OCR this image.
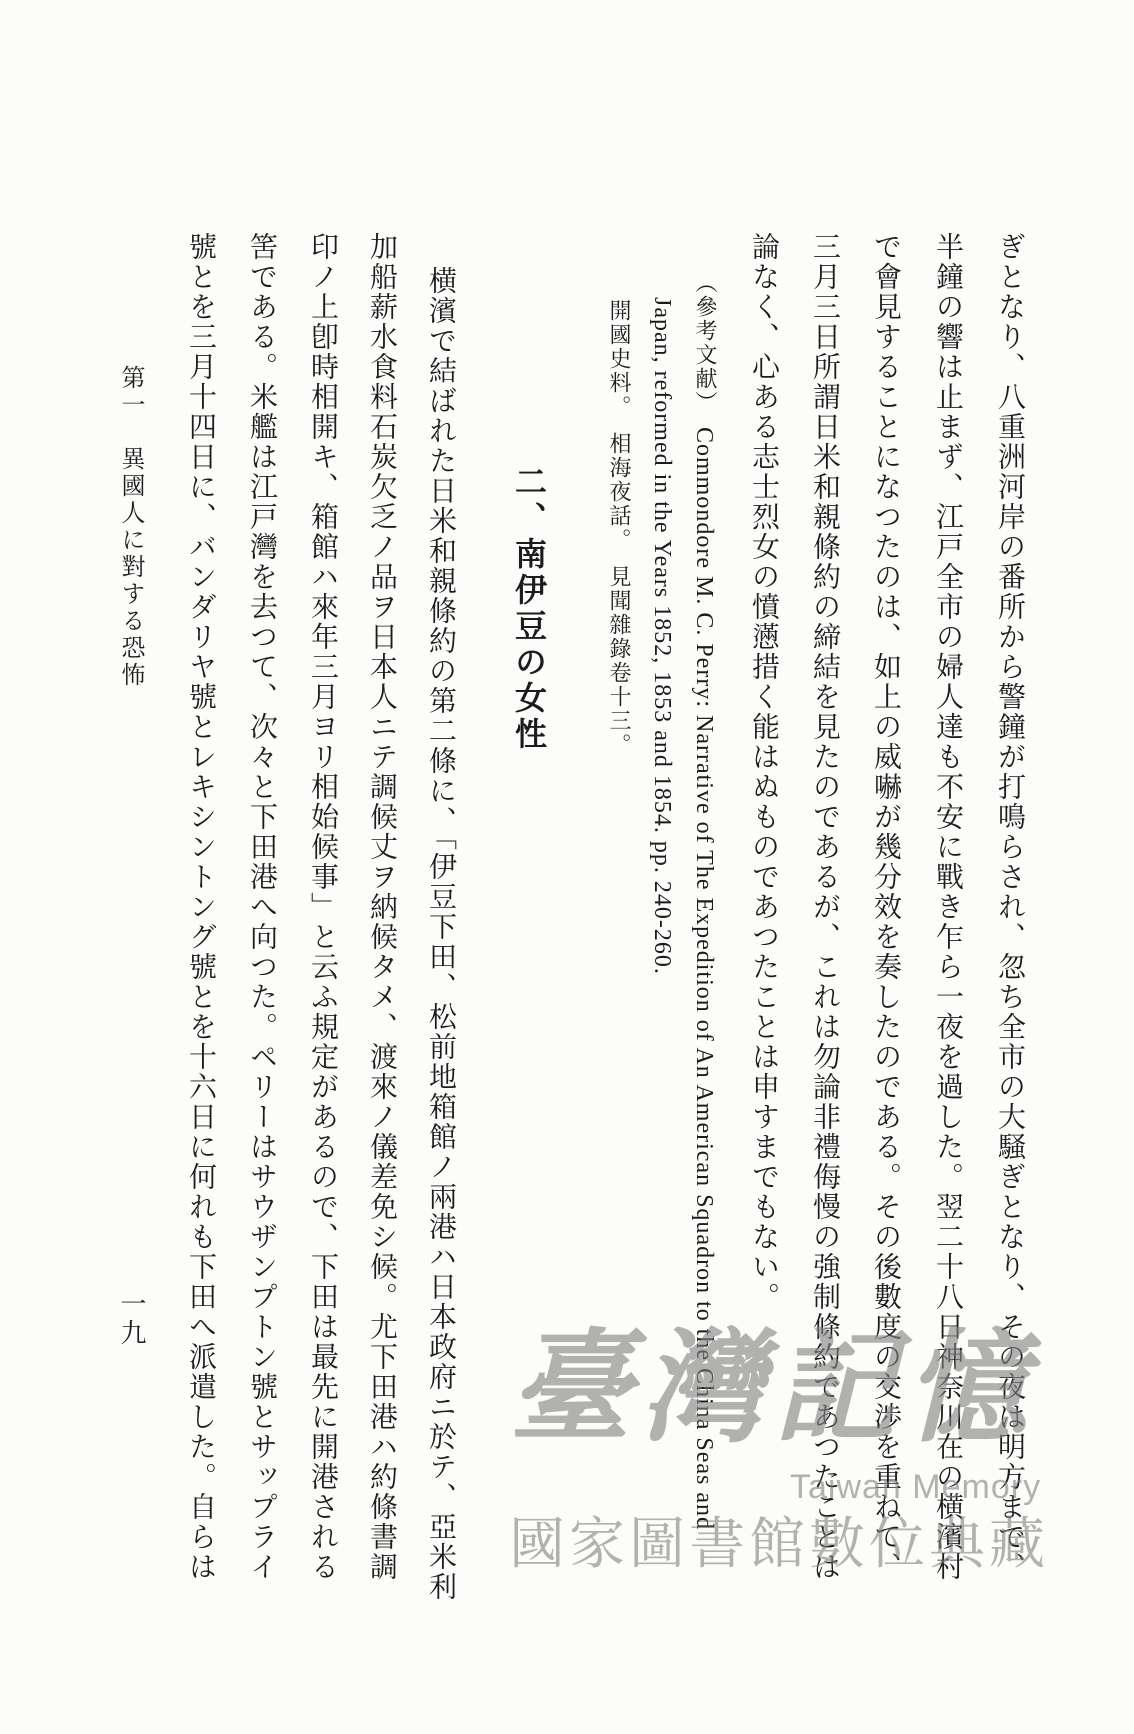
ぎとなり、八重洲河岸の番所から警鐘が打鳴らされ、忽ち全市の大騒ぎとなり、その夜は明方まで、

半鐘の響は止まず、江戸全市の婦人達も不安に戰き乍ら一夜を過した。翌二十八日神奈川在の横濱村

で會見することになつたのは、如上の威嚇が幾分效を奏したのである。その後數度の交渉を重ねて、

三月三日所謂日米和親條約の締結を見たのであるが、これは勿論非禮侮慢の強制條約であつたことは

論なく、心ある志士烈女の憤懣措く能はぬものであつたことは申すまでもない。

（參考文献）Commondore M. C. Perry: Narrative of The Expedition of An American Squadron to the China Seas and

Japan, reformed in the Years 1852, 1853 and 1854. pp. 240-260.

開國史料。　相海夜話。　見聞雜錄卷十三。

二、南伊豆の女性

横濱で結ばれた日米和親條約の第二條に、「伊豆下田、松前地箱館ノ兩港ハ日本政府ニ於テ、亞米利

加船薪水食料石炭欠乏ノ品ヲ日本人ニテ調候丈ヲ納候タメ、渡來ノ儀差免シ候。尤下田港ハ約條書調

印ノ上卽時相開キ、箱館ハ來年三月ヨリ相始候事」と云ふ規定があるので、下田は最先に開港される

筈である。米艦は江戸灣を去つて、次々と下田港へ向つた。ペリーはサウザンプトン號とサップライ

號とを三月十四日に、バンダリヤ號とレキシントング號とを十六日に何れも下田へ派遣した。自らは

第一　異國人に對する恐怖

一九	臺灣記憶
Taiwan Memory
國家圖書館數位典藏
